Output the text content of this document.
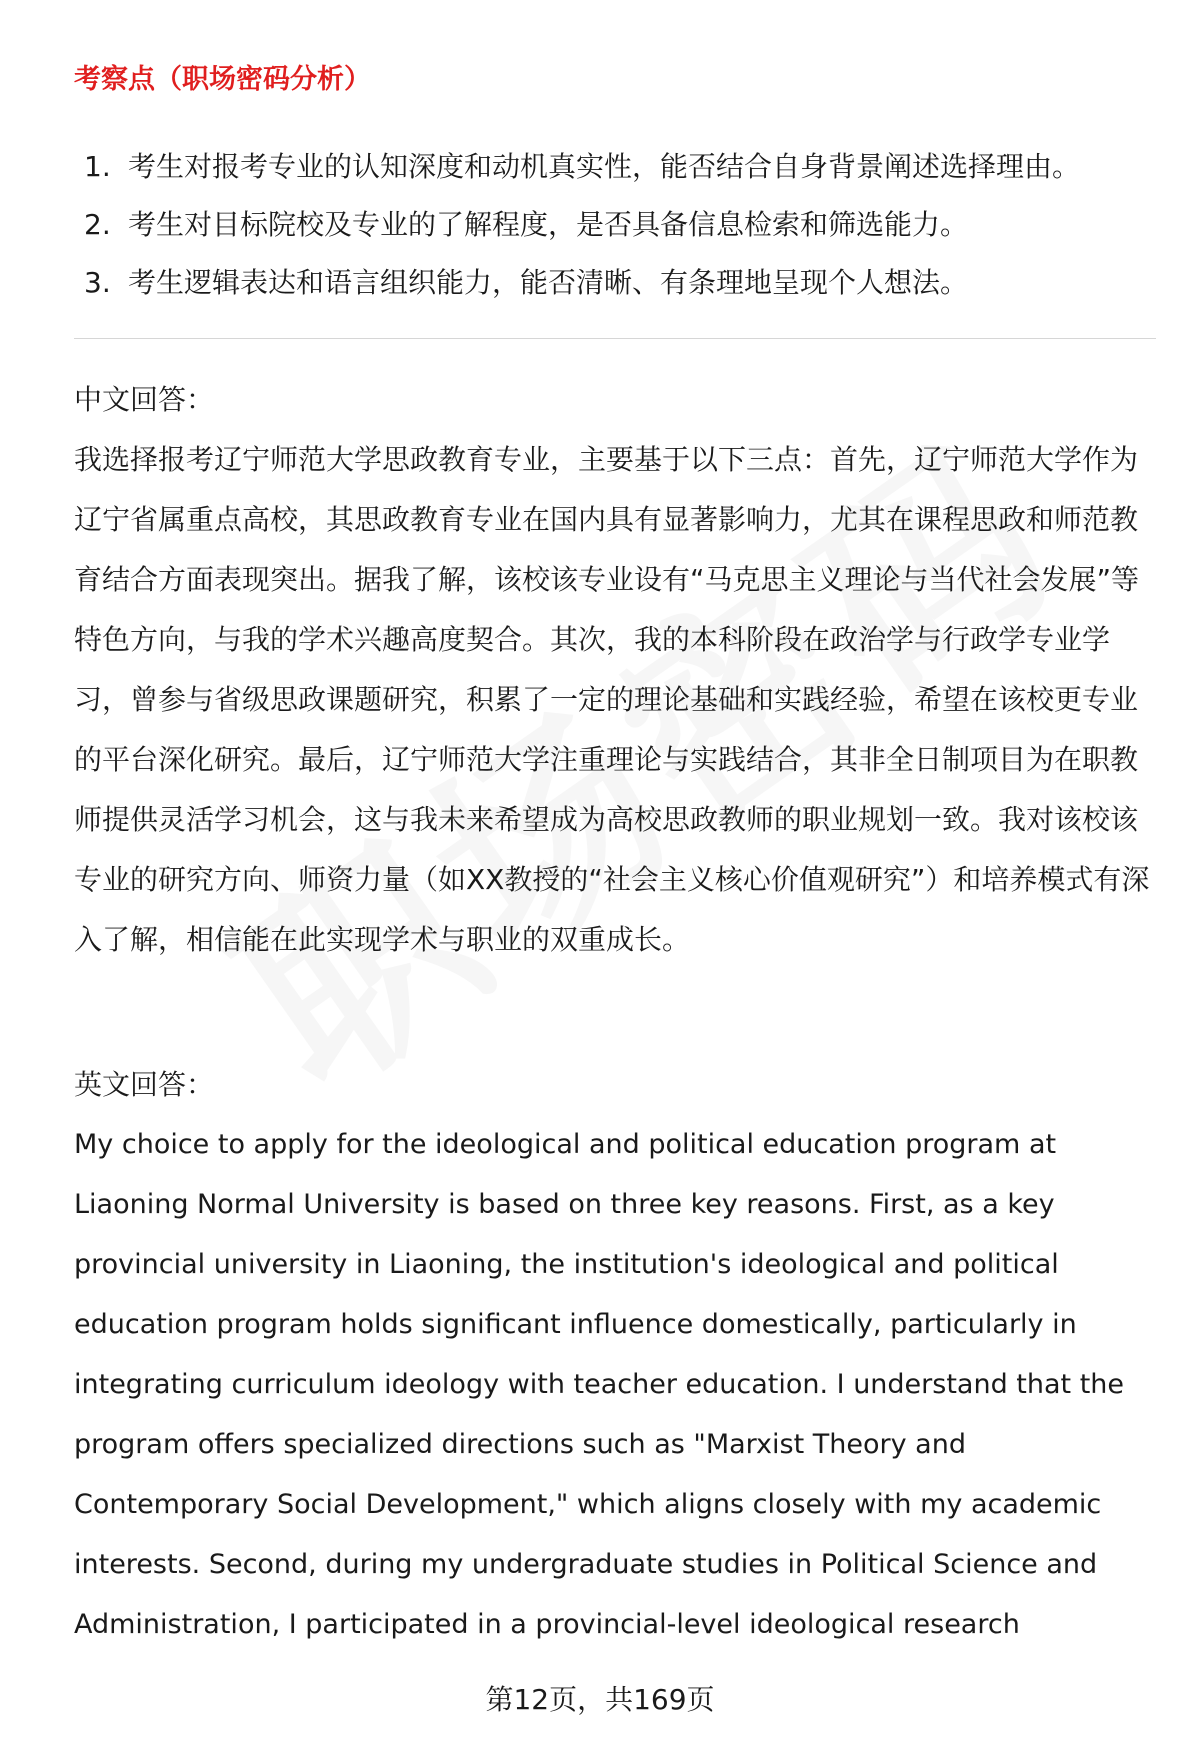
考察点（职场密码分析）
1. 考生对报考专业的认知深度和动机真实性，能否结合自身背景阐述选择理由。
2. 考生对目标院校及专业的了解程度，是否具备信息检索和筛选能力。
3. 考生逻辑表达和语言组织能力，能否清晰、有条理地呈现个人想法。

中文回答：

我选择报考辽宁师范大学思政教育专业，主要基于以下三点：首先，辽宁师范大学作为辽宁省属重点高校，其思政教育专业在国内具有显著影响力，尤其在课程思政和师范教育结合方面表现突出。据我了解，该校该专业设有“马克思主义理论与当代社会发展”等特色方向，与我的学术兴趣高度契合。其次，我的本科阶段在政治学与行政学专业学习，曾参与省级思政课题研究，积累了一定的理论基础和实践经验，希望在该校更专业的平台深化研究。最后，辽宁师范大学注重理论与实践结合，其非全日制项目为在职教师提供灵活学习机会，这与我未来希望成为高校思政教师的职业规划一致。我对该校该专业的研究方向、师资力量（如XX教授的“社会主义核心价值观研究”）和培养模式有深入了解，相信能在此实现学术与职业的双重成长。

英文回答：

My choice to apply for the ideological and political education program at Liaoning Normal University is based on three key reasons. First, as a key provincial university in Liaoning, the institution's ideological and political education program holds significant influence domestically, particularly in integrating curriculum ideology with teacher education. I understand that the program offers specialized directions such as "Marxist Theory and Contemporary Social Development," which aligns closely with my academic interests. Second, during my undergraduate studies in Political Science and Administration, I participated in a provincial-level ideological research

第12页，共169页
